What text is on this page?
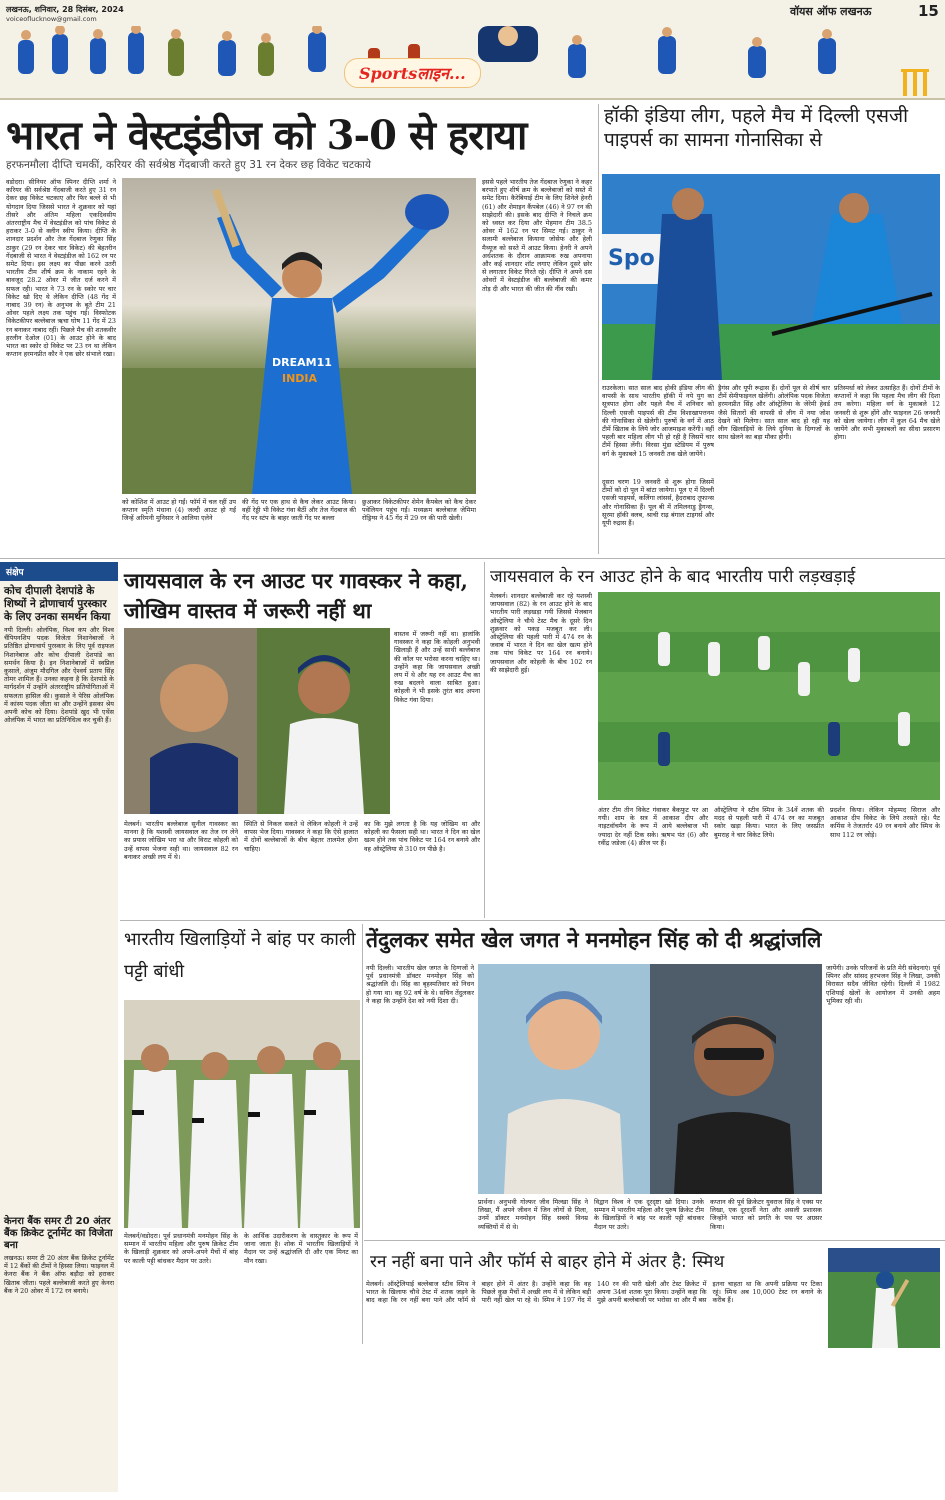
लखनऊ, शनिवार, 28 दिसंबर, 2024
voiceoflucknow@gmail.com
Sportsलाइन...
वॉयस ऑफ लखनऊ	15
भारत ने वेस्टइंडीज को 3-0 से हराया
हरफनमौला दीप्ति चमकीं, करियर की सर्वश्रेष्ठ गेंदबाजी करते हुए 31 रन देकर छह विकेट चटकाये
वडोदरा। सीनियर ऑफ स्पिनर दीप्ति शर्मा ने करियर की सर्वश्रेष्ठ गेंदबाजी करते हुए 31 रन देकर छह विकेट चटकाए और फिर बल्ले से भी योगदान दिया जिससे भारत ने शुक्रवार को यहां तीसरे और अंतिम महिला एकदिवसीय अंतरराष्ट्रीय मैच में वेस्टइंडीज को पांच विकेट से हराकर 3-0 से क्लीन स्वीप किया। दीप्ति के शानदार प्रदर्शन और तेज गेंदबाज रेणुका सिंह ठाकुर (29 रन देकर चार विकेट) की बेहतरीन गेंदबाजी से भारत ने वेस्टइंडीज को 162 रन पर समेट दिया। इस लक्ष्य का पीछा करने उतरी भारतीय टीम शीर्ष क्रम के नाकाम रहने के बावजूद 28.2 ओवर में जीत दर्ज करने में सफल रही। भारत ने 73 रन के स्कोर पर चार विकेट खो दिए थे लेकिन दीप्ति (48 गेंद में नाबाद 39 रन) के अनुभव के बूते टीम 21 ओवर पहले लक्ष्य तक पहुंच गई। विस्फोटक विकेटकीपर बल्लेबाज ऋचा घोष 11 गेंद में 23 रन बनाकर नाबाद रहीं। पिछले मैच की शतकवीर हरलीन देओल (01) के आउट होने के बाद भारत का स्कोर दो विकेट पर 23 रन था लेकिन कप्तान हरमनप्रीत कौर ने एक छोर संभाले रखा।
DREAM11
INDIA
को कोशिश में आउट हो गईं। फॉर्म में चल रहीं उप कप्तान स्मृति मंधाना (4) जल्दी आउट हो गईं जिन्हें अरिमनी मुनिसार ने आलिया एलेने
की गेंद पर एक हाथ से कैच लेकर आउट किया। वहीं रेड्डी भी विकेट गंवा बैठीं और तेज गेंदबाज की गेंद पर स्टंप के बाहर जाती गेंद पर बल्ला
छुआकर विकेटकीपर शेमेन कैंपबेल को कैच देकर पवेलियन पहुंच गईं। मध्यक्रम बल्लेबाज जेमिमा रोड्रिग्स ने 45 गेंद में 29 रन की पारी खेली।
इससे पहले भारतीय तेज गेंदबाज रेणुका ने कहर बरपाते हुए शीर्ष क्रम के बल्लेबाजों को सस्ते में समेट दिया। कैरेबियाई टीम के लिए शिनेले हेनरी (61) और शेमाइन कैंपबेल (46) ने 97 रन की साझेदारी की। इसके बाद दीप्ति ने निचले क्रम को ध्वस्त कर दिया और मेहमान टीम 38.5 ओवर में 162 रन पर सिमट गई। ठाकुर ने सलामी बल्लेबाज कियाना जोसेफ और हेली मैथ्यूज को सस्ते में आउट किया। हेनरी ने अपने अर्धशतक के दौरान आक्रामक रुख अपनाया और कई शानदार शॉट लगाए लेकिन दूसरे छोर से लगातार विकेट गिरते रहे। दीप्ति ने अपने दस ओवरों में वेस्टइंडीज की बल्लेबाजी की कमर तोड़ दी और भारत की जीत की नींव रखी।
हॉकी इंडिया लीग, पहले मैच में दिल्ली एसजी पाइपर्स का सामना गोनासिका से
Spo
राउरकेला। सात साल बाद होकी इंडिया लीग की वापसी के साथ भारतीय हॉकी में नये युग का सूत्रपात होगा और पहले मैच में शनिवार को दिल्ली एसजी पाइपर्स की टीम विशाखापत्तनम की गोनासिका से खेलेगी। पुरुषों के वर्ग में आठ टीमें खिताब के लिये जोर आजमाइश करेंगी। वहीं पहली बार महिला लीग भी हो रही है जिसमें चार टीमें हिस्सा लेंगी। विरसा मुंडा स्टेडियम में पुरुष वर्ग के मुकाबले 15 जनवरी तक खेले जायेंगे।
दूसरा चरण 19 जनवरी से शुरू होगा जिसमें टीमों को दो पूल में बांटा जायेगा। पूल ए में दिल्ली एसजी पाइपर्स, कलिंगा लांसर्स, हैदराबाद तूफान्स और गोनासिका हैं। पूल बी में तमिलनाडु ड्रैगन्स, सूरमा हॉकी क्लब, श्राची राढ़ बंगाल टाइगर्स और यूपी रुद्रास हैं।
ड्रैगंस और यूपी रूद्रास हैं। दोनों पूल से शीर्ष चार टीमें सेमीफाइनल खेलेंगी। ओलंपिक पदक विजेता हरमनप्रीत सिंह और ऑस्ट्रेलिया के जेरेमी हेवर्ड जैसे सितारों की वापसी से लीग में नया जोश देखने को मिलेगा। सात साल बाद हो रही यह लीग खिलाड़ियों के लिये दुनिया के दिग्गजों के साथ खेलने का बड़ा मौका होगी।
प्रतिस्पर्धा को लेकर उत्साहित हैं। दोनों टीमों के कप्तानों ने कहा कि पहला मैच लीग की दिशा तय करेगा। महिला वर्ग के मुकाबले 12 जनवरी से शुरू होंगे और फाइनल 26 जनवरी को खेला जायेगा। लीग में कुल 64 मैच खेले जायेंगे और सभी मुकाबलों का सीधा प्रसारण होगा।
संक्षेप
कोच दीपाली देशपांडे के शिष्यों ने द्रोणाचार्य पुरस्कार के लिए उनका समर्थन किया
नयी दिल्ली। ओलंपिक, विश्व कप और विश्व चैंपियनशिप पदक विजेता निशानेबाजों ने प्रतिष्ठित द्रोणाचार्य पुरस्कार के लिए पूर्व राइफल निशानेबाज और कोच दीपाली देशपांडे का समर्थन किया है। इन निशानेबाजों में स्वप्निल कुसाले, अंजुम मौदगिल और ऐश्वर्य प्रताप सिंह तोमर शामिल हैं। उनका कहना है कि देशपांडे के मार्गदर्शन में उन्होंने अंतरराष्ट्रीय प्रतियोगिताओं में सफलता हासिल की। कुसाले ने पेरिस ओलंपिक में कांस्य पदक जीता था और उन्होंने इसका श्रेय अपनी कोच को दिया। देशपांडे खुद भी एथेंस ओलंपिक में भारत का प्रतिनिधित्व कर चुकी हैं।
केनरा बैंक समर टी 20 अंतर बैंक क्रिकेट टूर्नामेंट का विजेता बना
लखनऊ। समर टी 20 अंतर बैंक क्रिकेट टूर्नामेंट में 12 बैंकों की टीमों ने हिस्सा लिया। फाइनल में केनरा बैंक ने बैंक ऑफ बड़ौदा को हराकर खिताब जीता। पहले बल्लेबाजी करते हुए केनरा बैंक ने 20 ओवर में 172 रन बनाये।
जायसवाल के रन आउट पर गावस्कर ने कहा, जोखिम वास्तव में जरूरी नहीं था
वास्तव में जरूरी नहीं था। हालांकि गावस्कर ने कहा कि कोहली अनुभवी खिलाड़ी हैं और उन्हें साथी बल्लेबाज की कॉल पर भरोसा करना चाहिए था। उन्होंने कहा कि जायसवाल अच्छी लय में थे और यह रन आउट मैच का रुख बदलने वाला साबित हुआ। कोहली ने भी इसके तुरंत बाद अपना विकेट गंवा दिया।
मेलबर्न। भारतीय बल्लेबाज सुनील गावस्कर का मानना है कि यशस्वी जायसवाल का तेज रन लेने का प्रयास जोखिम भरा था और विराट कोहली को उन्हें वापस भेजना सही था। जायसवाल 82 रन बनाकर अच्छी लय में थे।
स्थिति से निकल सकते थे लेकिन कोहली ने उन्हें वापस भेज दिया। गावस्कर ने कहा कि ऐसे हालात में दोनों बल्लेबाजों के बीच बेहतर तालमेल होना चाहिए।
का कि मुझे लगता है कि यह जोखिम था और कोहली का फैसला सही था। भारत ने दिन का खेल खत्म होने तक पांच विकेट पर 164 रन बनाये और वह ऑस्ट्रेलिया से 310 रन पीछे है।
जायसवाल के रन आउट होने के बाद भारतीय पारी लड़खड़ाई
मेलबर्न। शानदार बल्लेबाजी कर रहे यशस्वी जायसवाल (82) के रन आउट होने के बाद भारतीय पारी लड़खड़ा गयी जिससे मेजबान ऑस्ट्रेलिया ने चौथे टेस्ट मैच के दूसरे दिन शुक्रवार को पकड़ मजबूत कर ली। ऑस्ट्रेलिया की पहली पारी में 474 रन के जवाब में भारत ने दिन का खेल खत्म होने तक पांच विकेट पर 164 रन बनाये। जायसवाल और कोहली के बीच 102 रन की साझेदारी हुई।
अंतर टीम तीन विकेट गंवाकर बैकफुट पर आ गयी। शाम के सत्र में आकाश दीप और नाइटवॉचमैन के रूप में आये बल्लेबाज भी ज्यादा देर नहीं टिक सके। ऋषभ पंत (6) और रवींद्र जडेजा (4) क्रीज पर हैं।
ऑस्ट्रेलिया ने स्टीव स्मिथ के 34वें शतक की मदद से पहली पारी में 474 रन का मजबूत स्कोर खड़ा किया। भारत के लिए जसप्रीत बुमराह ने चार विकेट लिये।
प्रदर्शन किया। लेकिन मोहम्मद सिराज और आकाश दीप विकेट के लिये तरसते रहे। पैट कमिंस ने तेजतर्रार 49 रन बनाये और स्मिथ के साथ 112 रन जोड़े।
भारतीय खिलाड़ियों ने बांह पर काली पट्टी बांधी
मेलबर्न/वडोदरा। पूर्व प्रधानमंत्री मनमोहन सिंह के सम्मान में भारतीय महिला और पुरुष क्रिकेट टीम के खिलाड़ी शुक्रवार को अपने-अपने मैचों में बांह पर काली पट्टी बांधकर मैदान पर उतरे।
के आर्थिक उदारीकरण के वास्तुकार के रूप में जाना जाता है। शोक में भारतीय खिलाड़ियों ने मैदान पर उन्हें श्रद्धांजलि दी और एक मिनट का मौन रखा।
तेंदुलकर समेत खेल जगत ने मनमोहन सिंह को दी श्रद्धांजलि
नयी दिल्ली। भारतीय खेल जगत के दिग्गजों ने पूर्व प्रधानमंत्री डॉक्टर मनमोहन सिंह को श्रद्धांजलि दी। सिंह का बृहस्पतिवार को निधन हो गया था। वह 92 वर्ष के थे। सचिन तेंदुलकर ने कहा कि उन्होंने देश को नयी दिशा दी।
जायेंगी। उनके परिजनों के प्रति मेरी संवेदनाएं। पूर्व स्पिनर और सांसद हरभजन सिंह ने लिखा, उनकी विरासत सदैव जीवित रहेगी। दिल्ली में 1982 एशियाई खेलों के आयोजन में उनकी अहम भूमिका रही थी।
प्रार्थना। अनुभवी गोल्फर जीव मिल्खा सिंह ने लिखा, मैं अपने जीवन में जिन लोगों से मिला, उनमें डॉक्टर मनमोहन सिंह सबसे विनम्र व्यक्तियों में से थे।
विद्वान विश्व ने एक दूरदृष्टा खो दिया। उनके सम्मान में भारतीय महिला और पुरुष क्रिकेट टीम के खिलाड़ियों ने बांह पर काली पट्टी बांधकर मैदान पर उतरे।
कप्तान की पूर्व क्रिकेटर युवराज सिंह ने एक्स पर लिखा, एक दूरदर्शी नेता और असली प्रशासक जिन्होंने भारत को प्रगति के पथ पर अग्रसर किया।
रन नहीं बना पाने और फॉर्म से बाहर होने में अंतर है: स्मिथ
मेलबर्न। ऑस्ट्रेलियाई बल्लेबाज स्टीव स्मिथ ने भारत के खिलाफ चौथे टेस्ट में शतक जड़ने के बाद कहा कि रन नहीं बना पाने और फॉर्म से बाहर होने में अंतर है। उन्होंने कहा कि वह पिछले कुछ मैचों में अच्छी लय में थे लेकिन बड़ी पारी नहीं खेल पा रहे थे। स्मिथ ने 197 गेंद में 140 रन की पारी खेली और टेस्ट क्रिकेट में अपना 34वां शतक पूरा किया। उन्होंने कहा कि मुझे अपनी बल्लेबाजी पर भरोसा था और मैं बस इतना चाहता था कि अपनी प्रक्रिया पर टिका रहूं। स्मिथ अब 10,000 टेस्ट रन बनाने के करीब हैं।
